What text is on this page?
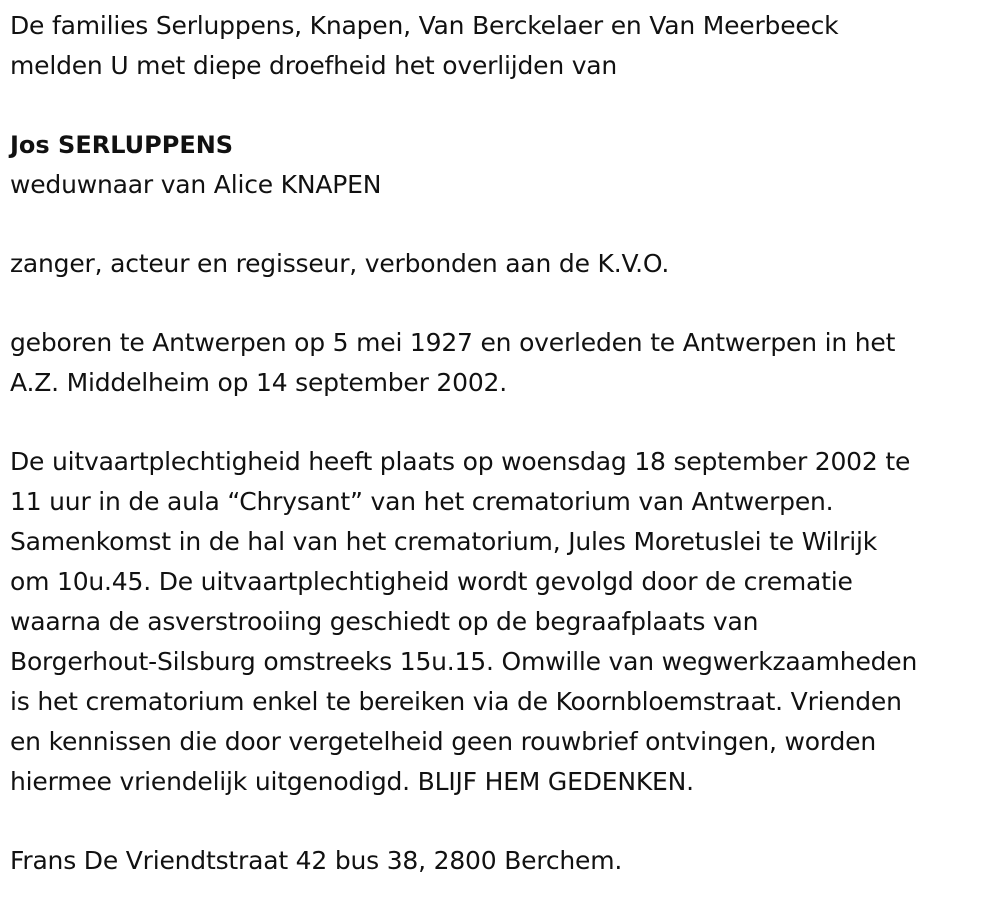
De families Serluppens, Knapen, Van Berckelaer en Van Meerbeeck
melden U met diepe droefheid het overlijden van
Jos SERLUPPENS
weduwnaar van Alice KNAPEN
zanger, acteur en regisseur, verbonden aan de K.V.O.
geboren te Antwerpen op 5 mei 1927 en overleden te Antwerpen in het
A.Z. Middelheim op 14 september 2002.
De uitvaartplechtigheid heeft plaats op woensdag 18 september 2002 te
11 uur in de aula “Chrysant” van het crematorium van Antwerpen.
Samenkomst in de hal van het crematorium, Jules Moretuslei te Wilrijk
om 10u.45. De uitvaartplechtigheid wordt gevolgd door de crematie
waarna de asverstrooiing geschiedt op de begraafplaats van
Borgerhout-Silsburg omstreeks 15u.15. Omwille van wegwerkzaamheden
is het crematorium enkel te bereiken via de Koornbloemstraat. Vrienden
en kennissen die door vergetelheid geen rouwbrief ontvingen, worden
hiermee vriendelijk uitgenodigd. BLIJF HEM GEDENKEN.
Frans De Vriendtstraat 42 bus 38, 2800 Berchem.
